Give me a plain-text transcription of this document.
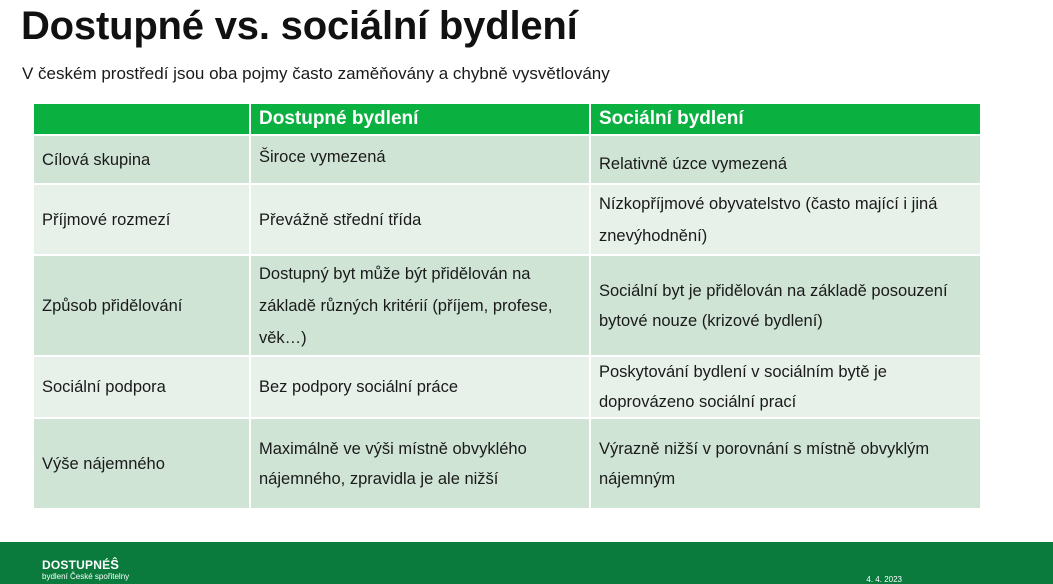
Dostupné vs. sociální bydlení
V českém prostředí jsou oba pojmy často zaměňovány a chybně vysvětlovány
	Dostupné bydlení	Sociální bydlení
Cílová skupina	Široce vymezená	Relativně úzce vymezená
Příjmové rozmezí	Převážně střední třída	Nízkopříjmové obyvatelstvo (často mající i jiná znevýhodnění)
Způsob přidělování	Dostupný byt může být přidělován na základě různých kritérií (příjem, profese, věk…)	Sociální byt je přidělován na základě posouzení bytové nouze (krizové bydlení)
Sociální podpora	Bez podpory sociální práce	Poskytování bydlení v sociálním bytě je doprovázeno sociální prací
Výše nájemného	Maximálně ve výši místně obvyklého nájemného, zpravidla je ale nižší	Výrazně nižší v porovnání s místně obvyklým nájemným
DOSTUPNÉŜ
bydlení České spořitelny	4. 4. 2023
